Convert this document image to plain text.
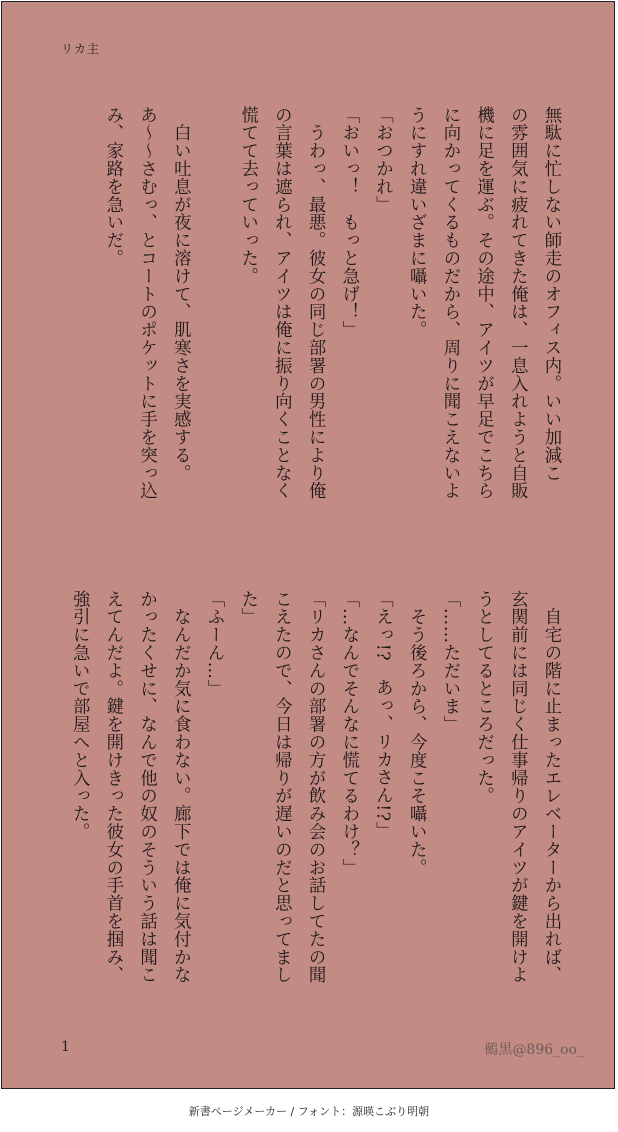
リカ主

無駄に忙しない師走のオフィス内。いい加減こ

の雰囲気に疲れてきた俺は、一息入れようと自販

機に足を運ぶ。その途中、アイツが早足でこちら

に向かってくるものだから、周りに聞こえないよ

うにすれ違いざまに囁いた。

「おつかれ」

「おいっ！　もっと急げ！」

　うわっ、最悪。彼女の同じ部署の男性により俺

の言葉は遮られ、アイツは俺に振り向くことなく

慌てて去っていった。

　白い吐息が夜に溶けて、肌寒さを実感する。

あ〜〜さむっ、とコートのポケットに手を突っ込

み、家路を急いだ。

　自宅の階に止まったエレベーターから出れば、

玄関前には同じく仕事帰りのアイツが鍵を開けよ

うとしてるところだった。

「……ただいま」

　そう後ろから、今度こそ囁いた。

「えっ!?　あっ、リカさん!?」

「…なんでそんなに慌てるわけ？」

「リカさんの部署の方が飲み会のお話してたの聞

こえたので、今日は帰りが遅いのだと思ってまし

た」

「ふーん…」

　なんだか気に食わない。廊下では俺に気付かな

かったくせに、なんで他の奴のそういう話は聞こ

えてんだよ。鍵を開けきった彼女の手首を掴み、

強引に急いで部屋へと入った。

1	鵺黒@896_oo_
新書ページメーカー / フォント：源暎こぶり明朝
